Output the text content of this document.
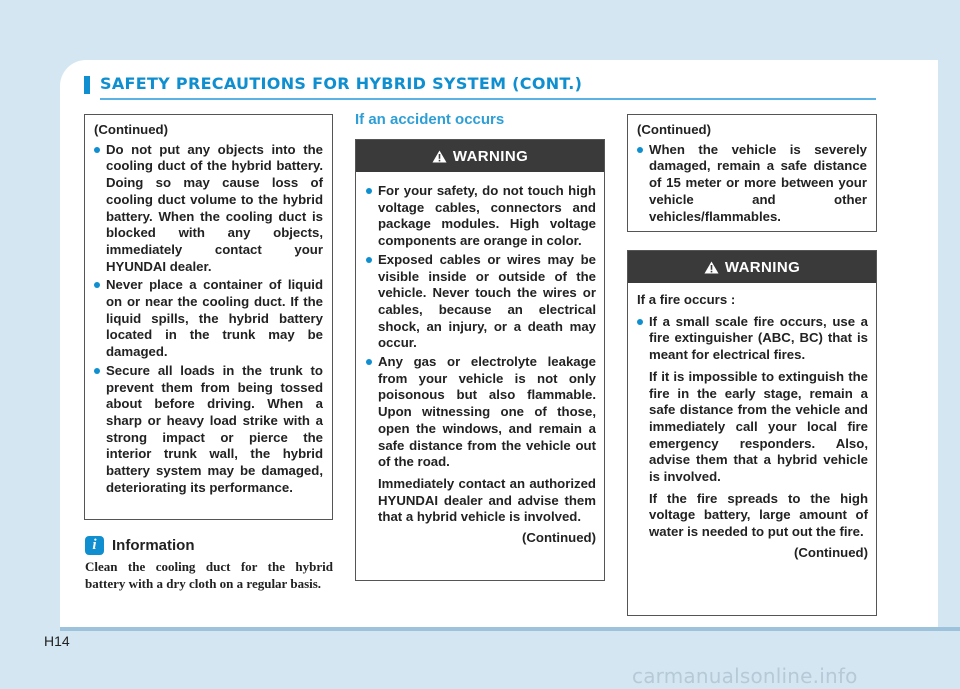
SAFETY PRECAUTIONS FOR HYBRID SYSTEM (CONT.)
(Continued)
Do not put any objects into the cooling duct of the hybrid battery. Doing so may cause loss of cooling duct volume to the hybrid battery. When the cooling duct is blocked with any objects, immediately contact your HYUNDAI dealer.
Never place a container of liquid on or near the cooling duct. If the liquid spills, the hybrid battery located in the trunk may be damaged.
Secure all loads in the trunk to prevent them from being tossed about before driving. When a sharp or heavy load strike with a strong impact or pierce the interior trunk wall, the hybrid battery system may be damaged, deteriorating its performance.
i	Information
Clean the cooling duct for the hybrid battery with a dry cloth on a regular basis.
If an accident occurs
WARNING
For your safety, do not touch high voltage cables, connectors and package modules. High voltage components are orange in color.
Exposed cables or wires may be visible inside or outside of the vehicle. Never touch the wires or cables, because an electrical shock, an injury, or a death may occur.
Any gas or electrolyte leakage from your vehicle is not only poisonous but also flammable. Upon witnessing one of those, open the windows, and remain a safe distance from the vehicle out of the road.
Immediately contact an authorized HYUNDAI dealer and advise them that a hybrid vehicle is involved.
(Continued)
(Continued)
When the vehicle is severely damaged, remain a safe distance of 15 meter or more between your vehicle and other vehicles/flammables.
WARNING
If a fire occurs :
If a small scale fire occurs, use a fire extinguisher (ABC, BC) that is meant for electrical fires.
If it is impossible to extinguish the fire in the early stage, remain a safe distance from the vehicle and immediately call your local fire emergency responders. Also, advise them that a hybrid vehicle is involved.
If the fire spreads to the high voltage battery, large amount of water is needed to put out the fire.
(Continued)
H14
carmanualsonline.info
